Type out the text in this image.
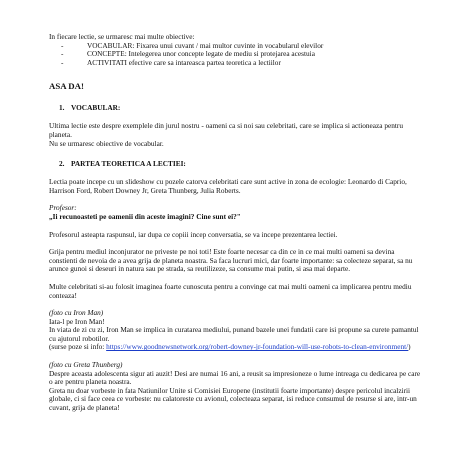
In fiecare lectie, se urmaresc mai multe obiective:

-	VOCABULAR: Fixarea unui cuvant / mai multor cuvinte in vocabularul elevilor
-	CONCEPTE: Intelegerea unor concepte legate de mediu si protejarea acestuia
-	ACTIVITATI efective care sa intareasca partea teoretica a lectiilor
ASA DA!
1. VOCABULAR:

Ultima lectie este despre exemplele din jurul nostru - oameni ca si noi sau celebritati, care se implica si actioneaza pentru planeta.

Nu se urmaresc obiective de vocabular.

2. PARTEA TEORETICA A LECTIEI:

Lectia poate incepe cu un slideshow cu pozele catorva celebritati care sunt active in zona de ecologie: Leonardo di Caprio, Harrison Ford, Robert Downey Jr, Greta Thunberg, Julia Roberts.

Profesor:

„Ii recunoasteti pe oamenii din aceste imagini? Cine sunt ei?"

Profesorul asteapta raspunsul, iar dupa ce copiii incep conversatia, se va incepe prezentarea lectiei.

Grija pentru mediul inconjurator ne priveste pe noi toti! Este foarte necesar ca din ce in ce mai multi oameni sa devina constienti de nevoia de a avea grija de planeta noastra. Sa faca lucruri mici, dar foarte importante: sa colecteze separat, sa nu arunce gunoi si deseuri in natura sau pe strada, sa reutilizeze, sa consume mai putin, si asa mai departe.

Multe celebritati si-au folosit imaginea foarte cunoscuta pentru a convinge cat mai multi oameni ca implicarea pentru mediu conteaza!

(foto cu Iron Man)

Iata-l pe Iron Man!

In viata de zi cu zi, Iron Man se implica in curatarea mediului, punand bazele unei fundatii care isi propune sa curete pamantul cu ajutorul robotilor.

(surse poze si info: https://www.goodnewsnetwork.org/robert-downey-jr-foundation-will-use-robots-to-clean-environment/)

(foto cu Greta Thunberg)

Despre aceasta adolescenta sigur ati auzit! Desi are numai 16 ani, a reusit sa impresioneze o lume intreaga cu dedicarea pe care o are pentru planeta noastra.

Greta nu doar vorbeste in fata Natiunilor Unite si Comisiei Europene (institutii foarte importante) despre pericolul incalzirii globale, ci si face ceea ce vorbeste: nu calatoreste cu avionul, colecteaza separat, isi reduce consumul de resurse si are, intr-un cuvant, grija de planeta!
